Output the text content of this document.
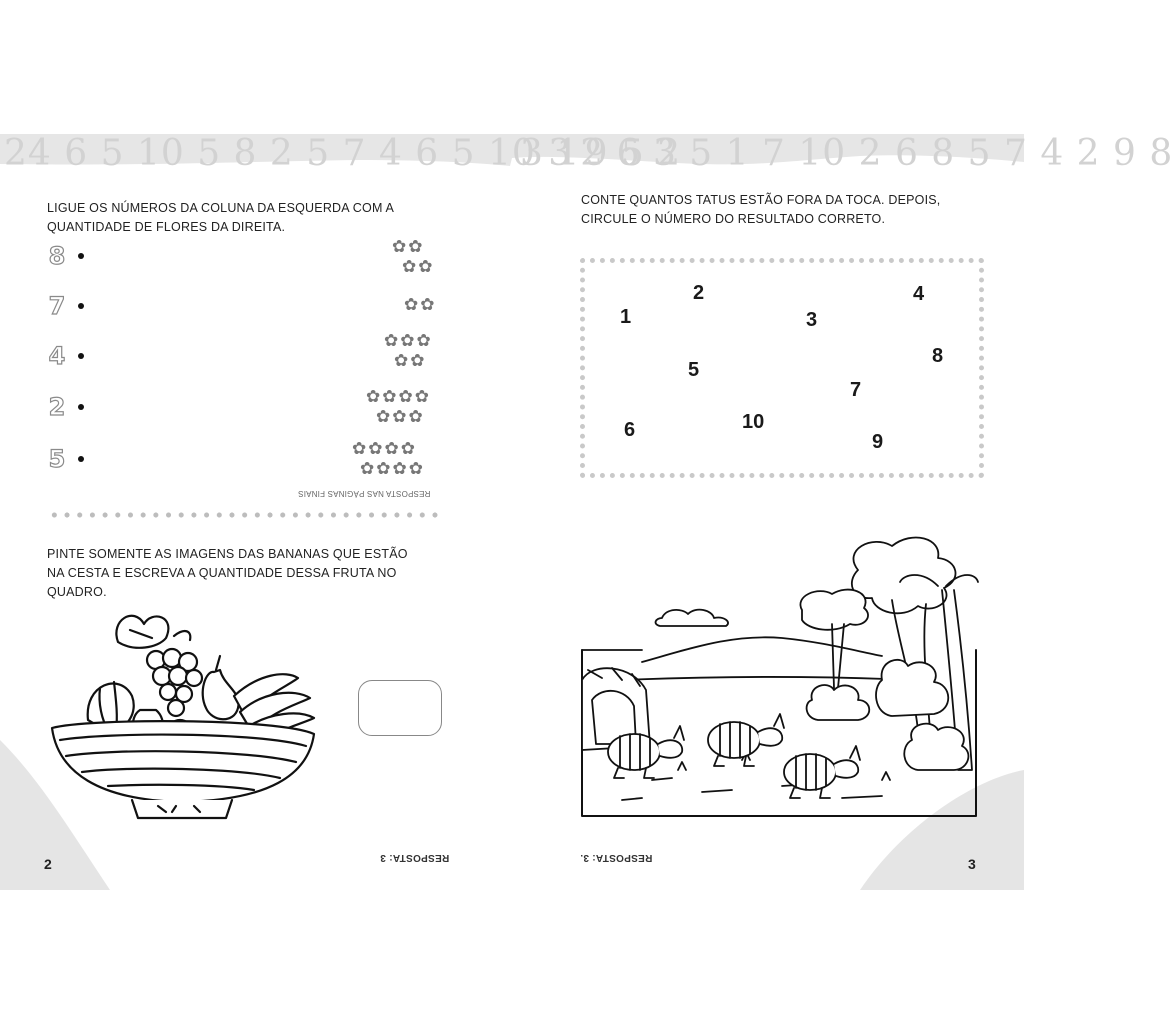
24 6 5 10 5 8 2 5 7 4 6 5 10 3 9 5 2
3 12 6 3 5 1 7 10 2 6 8 5 7 4 2 9 8
LIGUE OS NÚMEROS DA COLUNA DA ESQUERDA COM A
QUANTIDADE DE FLORES DA DIREITA.
8
7
4
2
5
✿ ✿
✿ ✿
✿ ✿
✿ ✿ ✿
✿ ✿
✿ ✿ ✿ ✿
✿ ✿ ✿
✿ ✿ ✿ ✿
✿ ✿ ✿ ✿
RESPOSTA NAS PÁGINAS FINAIS
PINTE SOMENTE AS IMAGENS DAS BANANAS QUE ESTÃO
NA CESTA E ESCREVA A QUANTIDADE DESSA FRUTA NO
QUADRO.
2	RESPOSTA: 3
CONTE QUANTOS TATUS ESTÃO FORA DA TOCA. DEPOIS,
CIRCULE O NÚMERO DO RESULTADO CORRETO.
1
2
3
4
5
6
7
8
9
10
RESPOSTA: 3.	3
